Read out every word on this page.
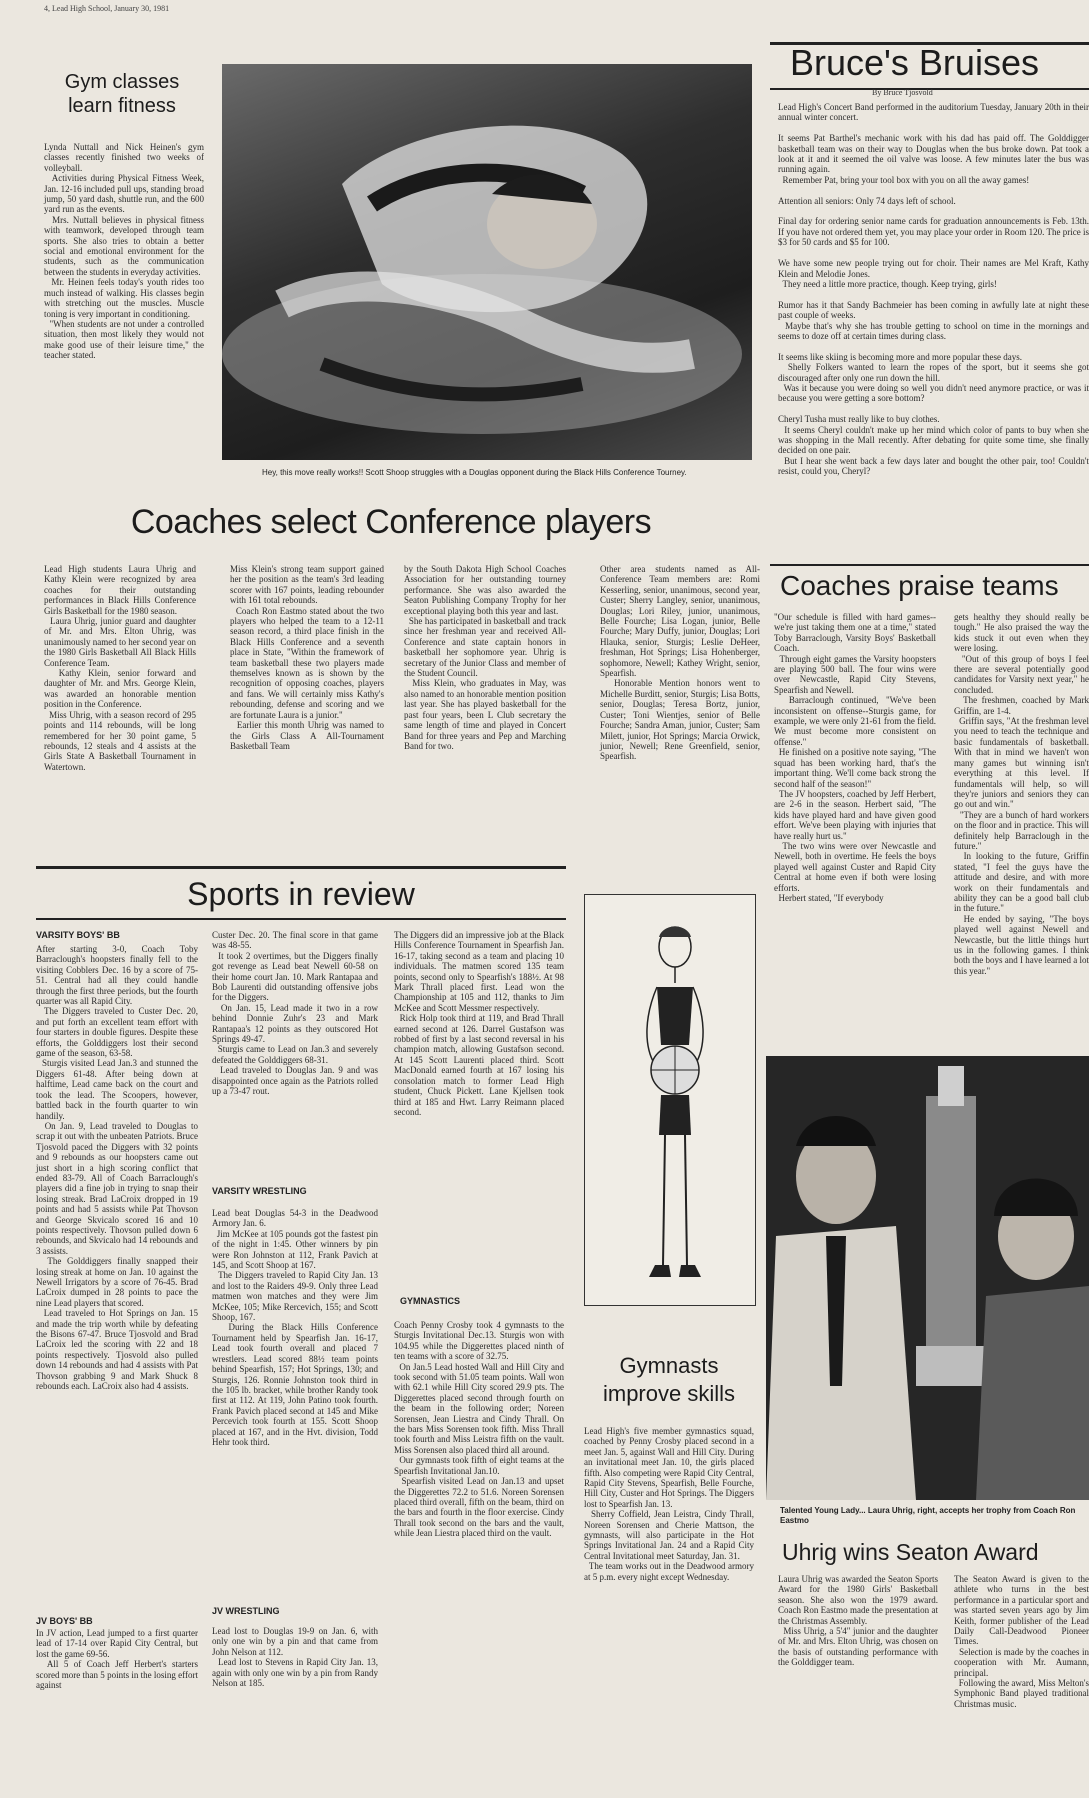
4, Lead High School, January 30, 1981
Gym classes
learn fitness
Lynda Nuttall and Nick Heinen's gym classes recently finished two weeks of volleyball.
Activities during Physical Fitness Week, Jan. 12-16 included pull ups, standing broad jump, 50 yard dash, shuttle run, and the 600 yard run as the events.
Mrs. Nuttall believes in physical fitness with teamwork, developed through team sports. She also tries to obtain a better social and emotional environment for the students, such as the communication between the students in everyday activities.
Mr. Heinen feels today's youth rides too much instead of walking. His classes begin with stretching out the muscles. Muscle toning is very important in conditioning.
"When students are not under a controlled situation, then most likely they would not make good use of their leisure time," the teacher stated.
Hey, this move really works!! Scott Shoop struggles with a Douglas opponent during the Black Hills Conference Tourney.
Coaches select Conference players
Lead High students Laura Uhrig and Kathy Klein were recognized by area coaches for their outstanding performances in Black Hills Conference Girls Basketball for the 1980 season.
Laura Uhrig, junior guard and daughter of Mr. and Mrs. Elton Uhrig, was unanimously named to her second year on the 1980 Girls Basketball All Black Hills Conference Team.
Kathy Klein, senior forward and daughter of Mr. and Mrs. George Klein, was awarded an honorable mention position in the Conference.
Miss Uhrig, with a season record of 295 points and 114 rebounds, will be long remembered for her 30 point game, 5 rebounds, 12 steals and 4 assists at the Girls State A Basketball Tournament in Watertown.
Miss Klein's strong team support gained her the position as the team's 3rd leading scorer with 167 points, leading rebounder with 161 total rebounds.
Coach Ron Eastmo stated about the two players who helped the team to a 12-11 season record, a third place finish in the Black Hills Conference and a seventh place in State, "Within the framework of team basketball these two players made themselves known as is shown by the recognition of opposing coaches, players and fans. We will certainly miss Kathy's rebounding, defense and scoring and we are fortunate Laura is a junior."
Earlier this month Uhrig was named to the Girls Class A All-Tournament Basketball Team
by the South Dakota High School Coaches Association for her outstanding tourney performance. She was also awarded the Seaton Publishing Company Trophy for her exceptional playing both this year and last.
She has participated in basketball and track since her freshman year and received All-Conference and state captain honors in basketball her sophomore year. Uhrig is secretary of the Junior Class and member of the Student Council.
Miss Klein, who graduates in May, was also named to an honorable mention position last year. She has played basketball for the past four years, been L Club secretary the same length of time and played in Concert Band for three years and Pep and Marching Band for two.
Other area students named as All-Conference Team members are: Romi Kesserling, senior, unanimous, second year, Custer; Sherry Langley, senior, unanimous, Douglas; Lori Riley, junior, unanimous, Belle Fourche; Lisa Logan, junior, Belle Fourche; Mary Duffy, junior, Douglas; Lori Hlauka, senior, Sturgis; Leslie DeHeer, freshman, Hot Springs; Lisa Hohenberger, sophomore, Newell; Kathey Wright, senior, Spearfish.
Honorable Mention honors went to Michelle Burditt, senior, Sturgis; Lisa Botts, senior, Douglas; Teresa Bortz, junior, Custer; Toni Wientjes, senior of Belle Fourche; Sandra Aman, junior, Custer; Sam Milett, junior, Hot Springs; Marcia Orwick, junior, Newell; Rene Greenfield, senior, Spearfish.
Bruce's Bruises
By Bruce Tjosvold
Lead High's Concert Band performed in the auditorium Tuesday, January 20th in their annual winter concert.

It seems Pat Barthel's mechanic work with his dad has paid off. The Golddigger basketball team was on their way to Douglas when the bus broke down. Pat took a look at it and it seemed the oil valve was loose. A few minutes later the bus was running again.
Remember Pat, bring your tool box with you on all the away games!

Attention all seniors: Only 74 days left of school.

Final day for ordering senior name cards for graduation announcements is Feb. 13th. If you have not ordered them yet, you may place your order in Room 120. The price is $3 for 50 cards and $5 for 100.

We have some new people trying out for choir. Their names are Mel Kraft, Kathy Klein and Melodie Jones.
They need a little more practice, though. Keep trying, girls!

Rumor has it that Sandy Bachmeier has been coming in awfully late at night these past couple of weeks.
Maybe that's why she has trouble getting to school on time in the mornings and seems to doze off at certain times during class.

It seems like skiing is becoming more and more popular these days.
Shelly Folkers wanted to learn the ropes of the sport, but it seems she got discouraged after only one run down the hill.
Was it because you were doing so well you didn't need anymore practice, or was it because you were getting a sore bottom?

Cheryl Tusha must really like to buy clothes.
It seems Cheryl couldn't make up her mind which color of pants to buy when she was shopping in the Mall recently. After debating for quite some time, she finally decided on one pair.
But I hear she went back a few days later and bought the other pair, too! Couldn't resist, could you, Cheryl?
Coaches praise teams
"Our schedule is filled with hard games--we're just taking them one at a time," stated Toby Barraclough, Varsity Boys' Basketball Coach.
Through eight games the Varsity hoopsters are playing 500 ball. The four wins were over Newcastle, Rapid City Stevens, Spearfish and Newell.
Barraclough continued, "We've been inconsistent on offense--Sturgis game, for example, we were only 21-61 from the field. We must become more consistent on offense."
He finished on a positive note saying, "The squad has been working hard, that's the important thing. We'll come back strong the second half of the season!"
The JV hoopsters, coached by Jeff Herbert, are 2-6 in the season. Herbert said, "The kids have played hard and have given good effort. We've been playing with injuries that have really hurt us."
The two wins were over Newcastle and Newell, both in overtime. He feels the boys played well against Custer and Rapid City Central at home even if both were losing efforts.
Herbert stated, "If everybody
gets healthy they should really be tough." He also praised the way the kids stuck it out even when they were losing.
"Out of this group of boys I feel there are several potentially good candidates for Varsity next year," he concluded.
The freshmen, coached by Mark Griffin, are 1-4.
Griffin says, "At the freshman level you need to teach the technique and basic fundamentals of basketball. With that in mind we haven't won many games but winning isn't everything at this level. If fundamentals will help, so will they're juniors and seniors they can go out and win."
"They are a bunch of hard workers on the floor and in practice. This will definitely help Barraclough in the future."
In looking to the future, Griffin stated, "I feel the guys have the attitude and desire, and with more work on their fundamentals and ability they can be a good ball club in the future."
He ended by saying, "The boys played well against Newell and Newcastle, but the little things hurt us in the following games. I think both the boys and I have learned a lot this year."
Talented Young Lady... Laura Uhrig, right, accepts her trophy from Coach Ron Eastmo
Uhrig wins Seaton Award
Laura Uhrig was awarded the Seaton Sports Award for the 1980 Girls' Basketball season. She also won the 1979 award. Coach Ron Eastmo made the presentation at the Christmas Assembly.
Miss Uhrig, a 5'4" junior and the daughter of Mr. and Mrs. Elton Uhrig, was chosen on the basis of outstanding performance with the Golddigger team.
The Seaton Award is given to the athlete who turns in the best performance in a particular sport and was started seven years ago by Jim Keith, former publisher of the Lead Daily Call-Deadwood Pioneer Times.
Selection is made by the coaches in cooperation with Mr. Aumann, principal.
Following the award, Miss Melton's Symphonic Band played traditional Christmas music.
Sports in review
VARSITY BOYS' BB
After starting 3-0, Coach Toby Barraclough's hoopsters finally fell to the visiting Cobblers Dec. 16 by a score of 75-51. Central had all they could handle through the first three periods, but the fourth quarter was all Rapid City.
The Diggers traveled to Custer Dec. 20, and put forth an excellent team effort with four starters in double figures. Despite these efforts, the Golddiggers lost their second game of the season, 63-58.
Sturgis visited Lead Jan.3 and stunned the Diggers 61-48. After being down at halftime, Lead came back on the court and took the lead. The Scoopers, however, battled back in the fourth quarter to win handily.
On Jan. 9, Lead traveled to Douglas to scrap it out with the unbeaten Patriots. Bruce Tjosvold paced the Diggers with 32 points and 9 rebounds as our hoopsters came out just short in a high scoring conflict that ended 83-79. All of Coach Barraclough's players did a fine job in trying to snap their losing streak. Brad LaCroix dropped in 19 points and had 5 assists while Pat Thovson and George Skvicalo scored 16 and 10 points respectively. Thovson pulled down 6 rebounds, and Skvicalo had 14 rebounds and 3 assists.
The Golddiggers finally snapped their losing streak at home on Jan. 10 against the Newell Irrigators by a score of 76-45. Brad LaCroix dumped in 28 points to pace the nine Lead players that scored.
Lead traveled to Hot Springs on Jan. 15 and made the trip worth while by defeating the Bisons 67-47. Bruce Tjosvold and Brad LaCroix led the scoring with 22 and 18 points respectively. Tjosvold also pulled down 14 rebounds and had 4 assists with Pat Thovson grabbing 9 and Mark Shuck 8 rebounds each. LaCroix also had 4 assists.
JV BOYS' BB
In JV action, Lead jumped to a first quarter lead of 17-14 over Rapid City Central, but lost the game 69-56.
All 5 of Coach Jeff Herbert's starters scored more than 5 points in the losing effort against
Custer Dec. 20. The final score in that game was 48-55.
It took 2 overtimes, but the Diggers finally got revenge as Lead beat Newell 60-58 on their home court Jan. 10. Mark Rantapaa and Bob Laurenti did outstanding offensive jobs for the Diggers.
On Jan. 15, Lead made it two in a row behind Donnie Zuhr's 23 and Mark Rantapaa's 12 points as they outscored Hot Springs 49-47.
Sturgis came to Lead on Jan.3 and severely defeated the Golddiggers 68-31.
Lead traveled to Douglas Jan. 9 and was disappointed once again as the Patriots rolled up a 73-47 rout.
VARSITY WRESTLING
Lead beat Douglas 54-3 in the Deadwood Armory Jan. 6.
Jim McKee at 105 pounds got the fastest pin of the night in 1:45. Other winners by pin were Ron Johnston at 112, Frank Pavich at 145, and Scott Shoop at 167.
The Diggers traveled to Rapid City Jan. 13 and lost to the Raiders 49-9. Only three Lead matmen won matches and they were Jim McKee, 105; Mike Rercevich, 155; and Scott Shoop, 167.
During the Black Hills Conference Tournament held by Spearfish Jan. 16-17, Lead took fourth overall and placed 7 wrestlers. Lead scored 88½ team points behind Spearfish, 157; Hot Springs, 130; and Sturgis, 126. Ronnie Johnston took third in the 105 lb. bracket, while brother Randy took first at 112. At 119, John Patino took fourth. Frank Pavich placed second at 145 and Mike Percevich took fourth at 155. Scott Shoop placed at 167, and in the Hvt. division, Todd Hehr took third.
JV WRESTLING
Lead lost to Douglas 19-9 on Jan. 6, with only one win by a pin and that came from John Nelson at 112.
Lead lost to Stevens in Rapid City Jan. 13, again with only one win by a pin from Randy Nelson at 185.
The Diggers did an impressive job at the Black Hills Conference Tournament in Spearfish Jan. 16-17, taking second as a team and placing 10 individuals. The matmen scored 135 team points, second only to Spearfish's 188½. At 98 Mark Thrall placed first. Lead won the Championship at 105 and 112, thanks to Jim McKee and Scott Messmer respectively.
Rick Holp took third at 119, and Brad Thrall earned second at 126. Darrel Gustafson was robbed of first by a last second reversal in his champion match, allowing Gustafson second. At 145 Scott Laurenti placed third. Scott MacDonald earned fourth at 167 losing his consolation match to former Lead High student, Chuck Pickett. Lane Kjellsen took third at 185 and Hwt. Larry Reimann placed second.
GYMNASTICS
Coach Penny Crosby took 4 gymnasts to the Sturgis Invitational Dec.13. Sturgis won with 104.95 while the Diggerettes placed ninth of ten teams with a score of 32.75.
On Jan.5 Lead hosted Wall and Hill City and took second with 51.05 team points. Wall won with 62.1 while Hill City scored 29.9 pts. The Diggerettes placed second through fourth on the beam in the following order; Noreen Sorensen, Jean Liestra and Cindy Thrall. On the bars Miss Sorensen took fifth. Miss Thrall took fourth and Miss Leistra fifth on the vault. Miss Sorensen also placed third all around.
Our gymnasts took fifth of eight teams at the Spearfish Invitational Jan.10.
Spearfish visited Lead on Jan.13 and upset the Diggerettes 72.2 to 51.6. Noreen Sorensen placed third overall, fifth on the beam, third on the bars and fourth in the floor exercise. Cindy Thrall took second on the bars and the vault, while Jean Liestra placed third on the vault.
Gymnasts
improve skills
Lead High's five member gymnastics squad, coached by Penny Crosby placed second in a meet Jan. 5, against Wall and Hill City. During an invitational meet Jan. 10, the girls placed fifth. Also competing were Rapid City Central, Rapid City Stevens, Spearfish, Belle Fourche, Hill City, Custer and Hot Springs. The Diggers lost to Spearfish Jan. 13.
Sherry Coffield, Jean Leistra, Cindy Thrall, Noreen Sorensen and Cherie Mattson, the gymnasts, will also participate in the Hot Springs Invitational Jan. 24 and a Rapid City Central Invitational meet Saturday, Jan. 31.
The team works out in the Deadwood armory at 5 p.m. every night except Wednesday.
